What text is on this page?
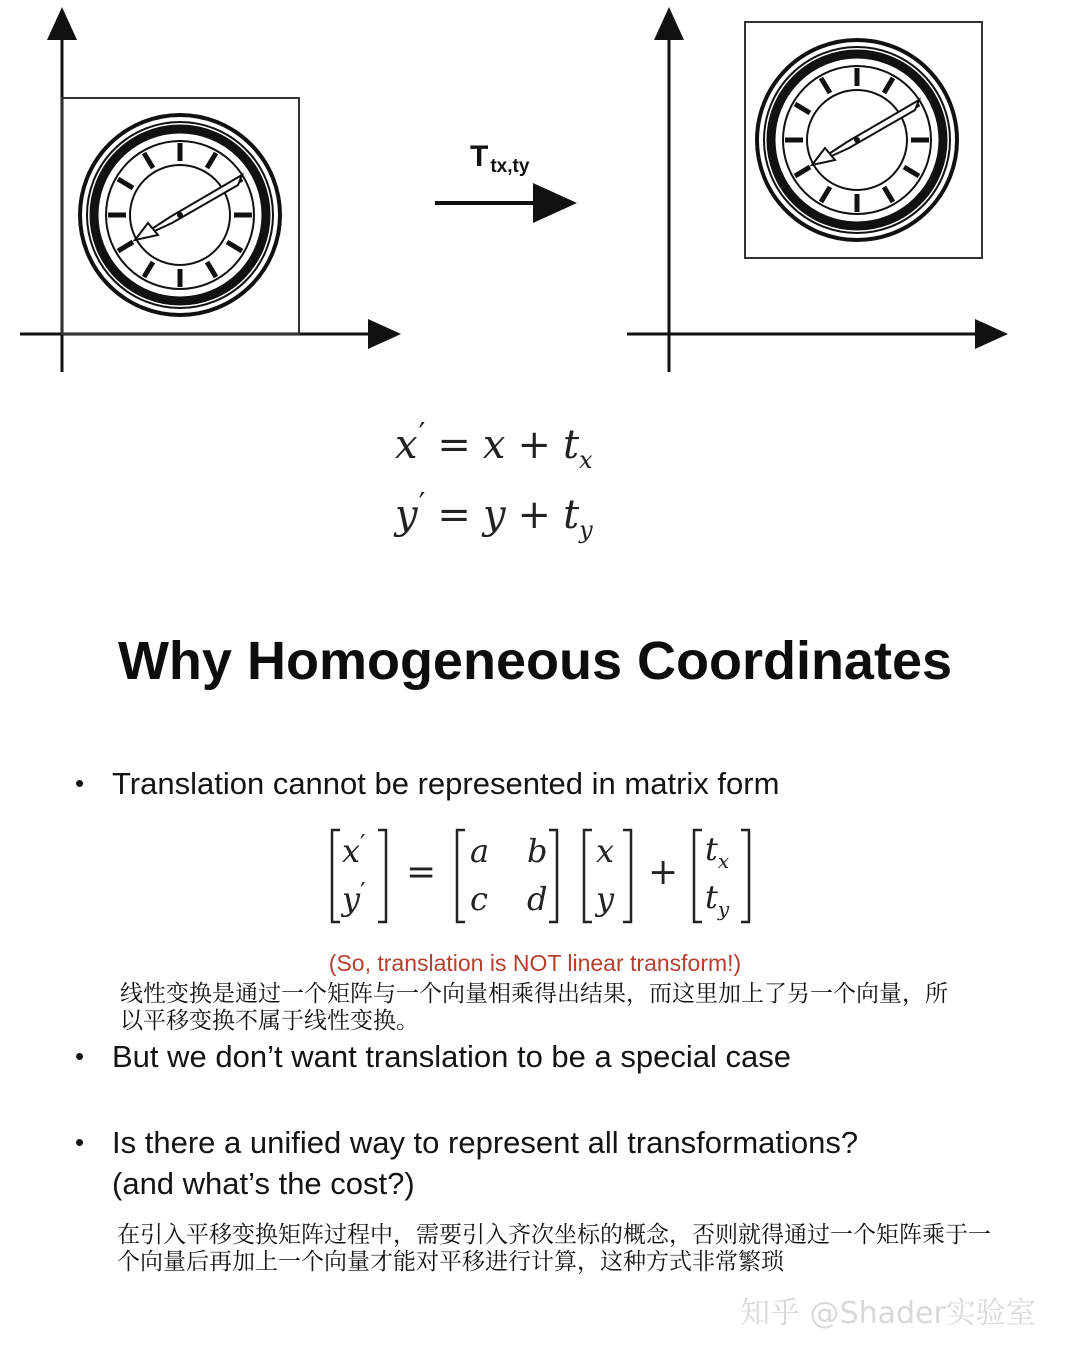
T $_{tx,ty}$
$x' = x + t_x$
$y' = y + t_y$
Why Homogeneous Coordinates
• Translation cannot be represented in matrix form
x′
y′ =
a b
c d
x
y
+
$t_x$
$t_y$
(So, translation is NOT linear transform!)
线性变换是通过一个矩阵与一个向量相乘得出结果，而这里加上了另一个向量，所以平移变换不属于线性变换。
• But we don’t want translation to be a special case
• Is there a unified way to represent all transformations?
(and what’s the cost?)
在引入平移变换矩阵过程中，需要引入齐次坐标的概念，否则就得通过一个矩阵乘于一个向量后再加上一个向量才能对平移进行计算，这种方式非常繁琐
知乎 @Shader实验室
